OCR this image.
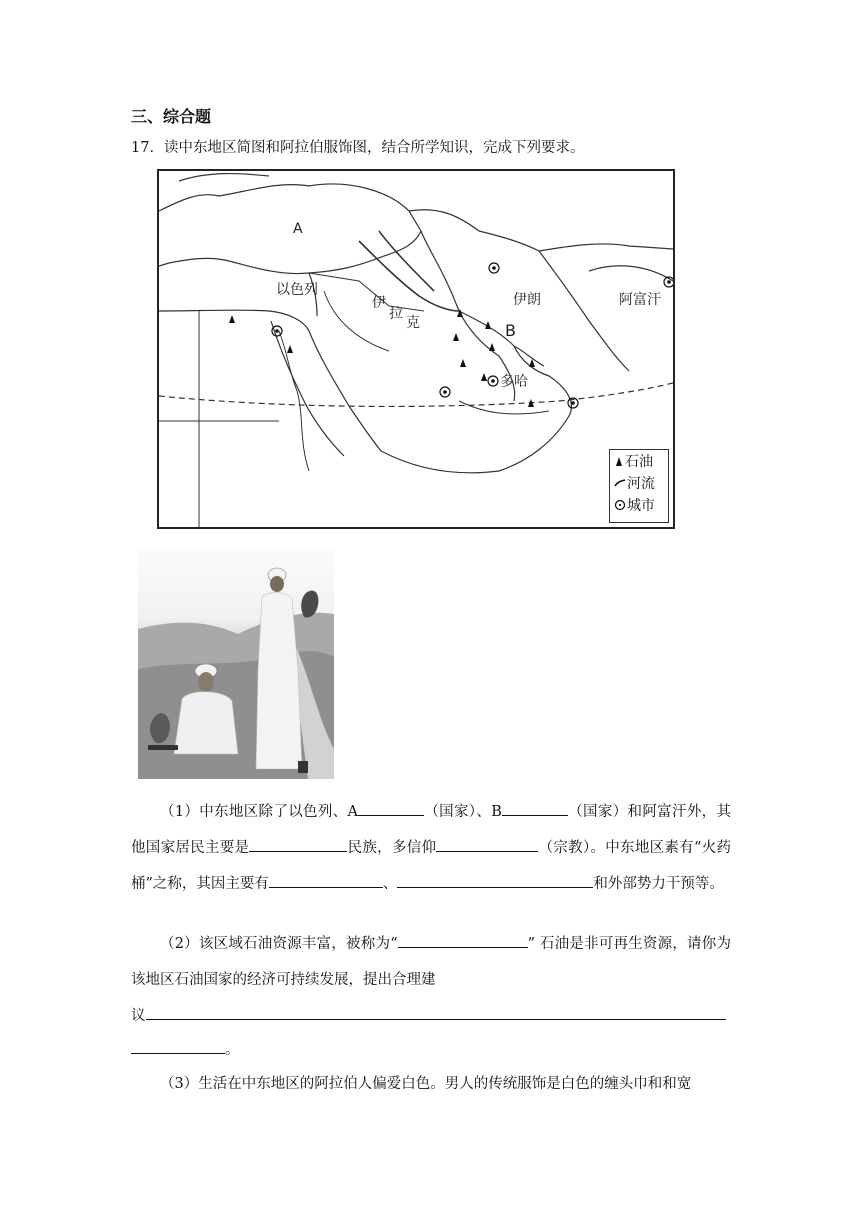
三、综合题
17．读中东地区简图和阿拉伯服饰图，结合所学知识，完成下列要求。
A
以色列
伊
拉
克
伊朗
B
阿富汗
多哈
石油
河流
城市
（1）中东地区除了以色列、A	（国家）、B	（国家）和阿富汗外，其他国家居民主要是	民族，多信仰	（宗教）。中东地区素有“火药桶”之称，其因主要有	、	和外部势力干预等。
（2）该区域石油资源丰富，被称为“	” 石油是非可再生资源，请你为该地区石油国家的经济可持续发展，提出合理建
议
。
（3）生活在中东地区的阿拉伯人偏爱白色。男人的传统服饰是白色的缠头巾和和宽
